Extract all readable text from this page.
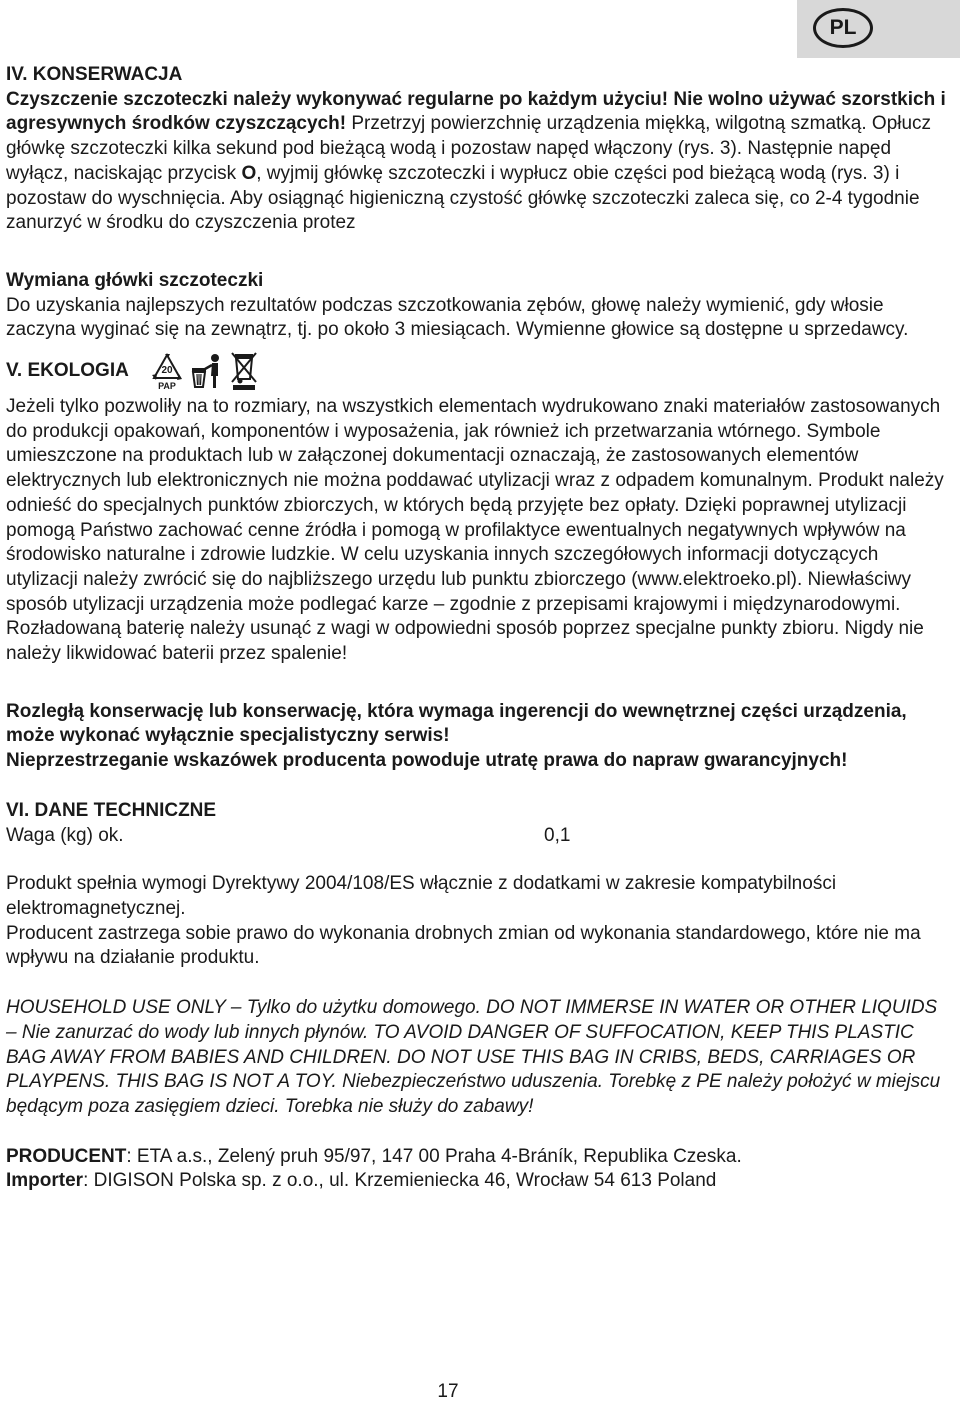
PL

IV. KONSERWACJA

Czyszczenie szczoteczki należy wykonywać regularne po każdym użyciu! Nie wolno używać szorstkich i agresywnych środków czyszczących! Przetrzyj powierzchnię urządzenia miękką, wilgotną szmatką. Opłucz główkę szczoteczki kilka sekund pod bieżącą wodą i pozostaw napęd włączony (rys. 3). Następnie napęd wyłącz, naciskając przycisk O, wyjmij główkę szczoteczki i wypłucz obie części pod bieżącą wodą (rys. 3) i pozostaw do wyschnięcia. Aby osiągnąć higieniczną czystość główkę szczoteczki zaleca się, co 2-4 tygodnie zanurzyć w środku do czyszczenia protez

Wymiana główki szczoteczki

Do uzyskania najlepszych rezultatów podczas szczotkowania zębów, głowę należy wymienić, gdy włosie zaczyna wyginać się na zewnątrz, tj. po około 3 miesiącach. Wymienne głowice są dostępne u sprzedawcy.

V. EKOLOGIA	20
PAP

Jeżeli tylko pozwoliły na to rozmiary, na wszystkich elementach wydrukowano znaki materiałów zastosowanych do produkcji opakowań, komponentów i wyposażenia, jak również ich przetwarzania wtórnego. Symbole umieszczone na produktach lub w załączonej dokumentacji oznaczają, że zastosowanych elementów elektrycznych lub elektronicznych nie można poddawać utylizacji wraz z odpadem komunalnym. Produkt należy odnieść do specjalnych punktów zbiorczych, w których będą przyjęte bez opłaty. Dzięki poprawnej utylizacji pomogą Państwo zachować cenne źródła i pomogą w profilaktyce ewentualnych negatywnych wpływów na środowisko naturalne i zdrowie ludzkie. W celu uzyskania innych szczegółowych informacji dotyczących utylizacji należy zwrócić się do najbliższego urzędu lub punktu zbiorczego (www.elektroeko.pl). Niewłaściwy sposób utylizacji urządzenia może podlegać karze – zgodnie z przepisami krajowymi i międzynarodowymi. Rozładowaną baterię należy usunąć z wagi w odpowiedni sposób poprzez specjalne punkty zbioru. Nigdy nie należy likwidować baterii przez spalenie!

Rozległą konserwację lub konserwację, która wymaga ingerencji do wewnętrznej części urządzenia, może wykonać wyłącznie specjalistyczny serwis!

Nieprzestrzeganie wskazówek producenta powoduje utratę prawa do napraw gwarancyjnych!

VI. DANE TECHNICZNE

Waga (kg) ok.	0,1

Produkt spełnia wymogi Dyrektywy 2004/108/ES włącznie z dodatkami w zakresie kompatybilności elektromagnetycznej.

Producent zastrzega sobie prawo do wykonania drobnych zmian od wykonania standardowego, które nie ma wpływu na działanie produktu.

HOUSEHOLD USE ONLY – Tylko do użytku domowego. DO NOT IMMERSE IN WATER OR OTHER LIQUIDS – Nie zanurzać do wody lub innych płynów. TO AVOID DANGER OF SUFFOCATION, KEEP THIS PLASTIC BAG AWAY FROM BABIES AND CHILDREN. DO NOT USE THIS BAG IN CRIBS, BEDS, CARRIAGES OR PLAYPENS. THIS BAG IS NOT A TOY. Niebezpieczeństwo uduszenia. Torebkę z PE należy położyć w miejscu będącym poza zasięgiem dzieci. Torebka nie służy do zabawy!

PRODUCENT: ETA a.s., Zelený pruh 95/97, 147 00 Praha 4-Bráník, Republika Czeska.

Importer: DIGISON Polska sp. z o.o., ul. Krzemieniecka 46, Wrocław 54 613 Poland

17
